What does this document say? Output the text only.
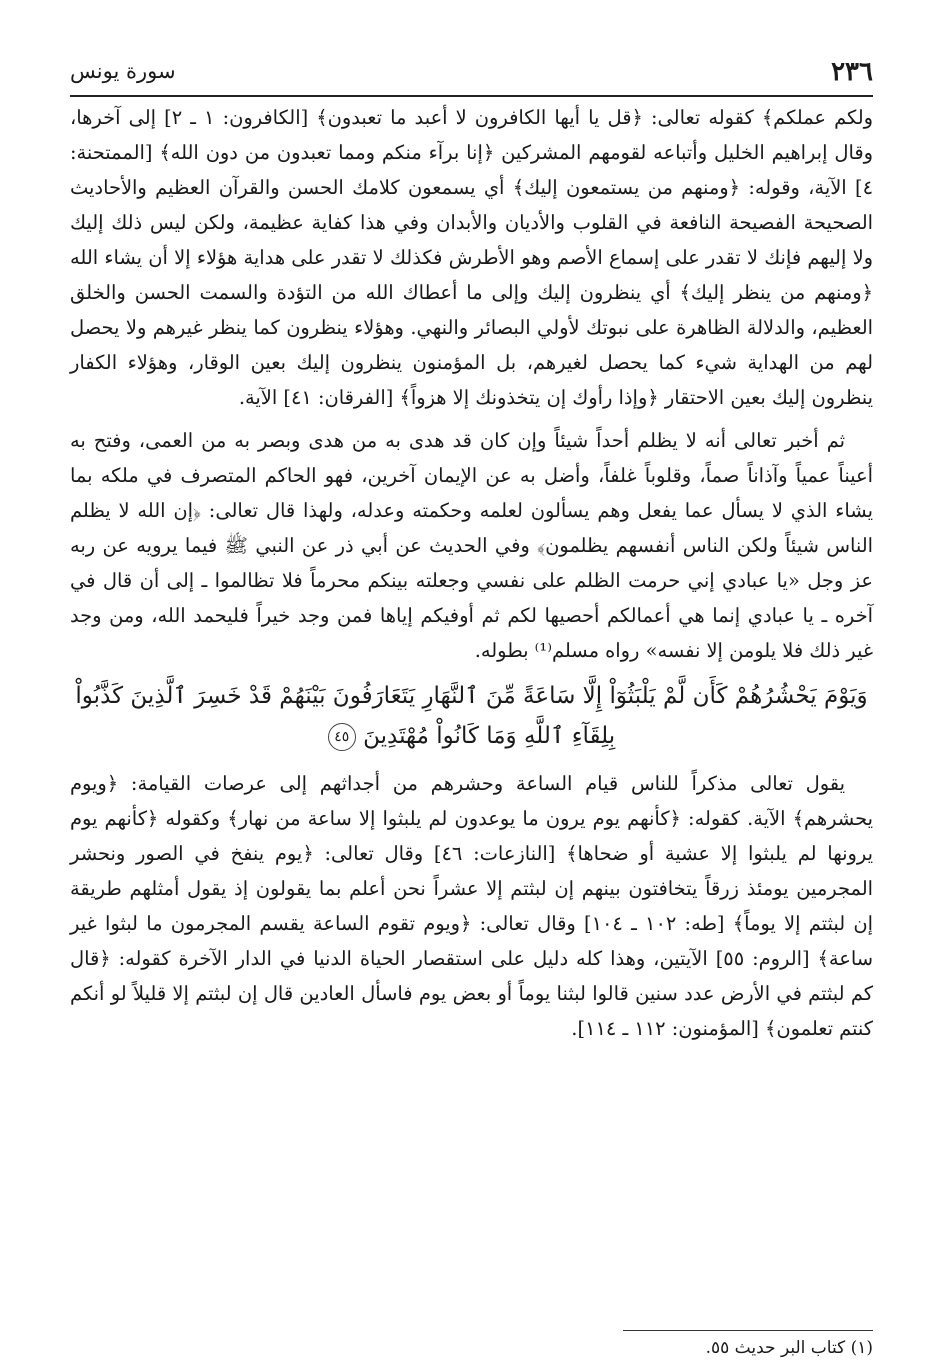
٢٣٦
سورة يونس

ولكم عملكم﴾ كقوله تعالى: ﴿قل يا أيها الكافرون لا أعبد ما تعبدون﴾ [الكافرون: ١ ـ ٢] إلى آخرها، وقال إبراهيم الخليل وأتباعه لقومهم المشركين ﴿إنا برآء منكم ومما تعبدون من دون الله﴾ [الممتحنة: ٤] الآية، وقوله: ﴿ومنهم من يستمعون إليك﴾ أي يسمعون كلامك الحسن والقرآن العظيم والأحاديث الصحيحة الفصيحة النافعة في القلوب والأديان والأبدان وفي هذا كفاية عظيمة، ولكن ليس ذلك إليك ولا إليهم فإنك لا تقدر على إسماع الأصم وهو الأطرش فكذلك لا تقدر على هداية هؤلاء إلا أن يشاء الله ﴿ومنهم من ينظر إليك﴾ أي ينظرون إليك وإلى ما أعطاك الله من التؤدة والسمت الحسن والخلق العظيم، والدلالة الظاهرة على نبوتك لأولي البصائر والنهي. وهؤلاء ينظرون كما ينظر غيرهم ولا يحصل لهم من الهداية شيء كما يحصل لغيرهم، بل المؤمنون ينظرون إليك بعين الوقار، وهؤلاء الكفار ينظرون إليك بعين الاحتقار ﴿وإذا رأوك إن يتخذونك إلا هزواً﴾ [الفرقان: ٤١] الآية.

ثم أخبر تعالى أنه لا يظلم أحداً شيئاً وإن كان قد هدى به من هدى وبصر به من العمى، وفتح به أعيناً عمياً وآذاناً صماً، وقلوباً غلفاً، وأضل به عن الإيمان آخرين، فهو الحاكم المتصرف في ملكه بما يشاء الذي لا يسأل عما يفعل وهم يسألون لعلمه وحكمته وعدله، ولهذا قال تعالى: ﴿إن الله لا يظلم الناس شيئاً ولكن الناس أنفسهم يظلمون﴾ وفي الحديث عن أبي ذر عن النبي ﷺ فيما يرويه عن ربه عز وجل «يا عبادي إني حرمت الظلم على نفسي وجعلته بينكم محرماً فلا تظالموا ـ إلى أن قال في آخره ـ يا عبادي إنما هي أعمالكم أحصيها لكم ثم أوفيكم إياها فمن وجد خيراً فليحمد الله، ومن وجد غير ذلك فلا يلومن إلا نفسه» رواه مسلم⁽¹⁾ بطوله.

وَيَوْمَ يَحْشُرُهُمْ كَأَن لَّمْ يَلْبَثُوٓاْ إِلَّا سَاعَةً مِّنَ ٱلنَّهَارِ يَتَعَارَفُونَ بَيْنَهُمْ قَدْ خَسِرَ ٱلَّذِينَ كَذَّبُواْ بِلِقَآءِ ٱللَّهِ وَمَا كَانُواْ مُهْتَدِينَ ٤٥

يقول تعالى مذكراً للناس قيام الساعة وحشرهم من أجداثهم إلى عرصات القيامة: ﴿ويوم يحشرهم﴾ الآية. كقوله: ﴿كأنهم يوم يرون ما يوعدون لم يلبثوا إلا ساعة من نهار﴾ وكقوله ﴿كأنهم يوم يرونها لم يلبثوا إلا عشية أو ضحاها﴾ [النازعات: ٤٦] وقال تعالى: ﴿يوم ينفخ في الصور ونحشر المجرمين يومئذ زرقاً يتخافتون بينهم إن لبثتم إلا عشراً نحن أعلم بما يقولون إذ يقول أمثلهم طريقة إن لبثتم إلا يوماً﴾ [طه: ١٠٢ ـ ١٠٤] وقال تعالى: ﴿ويوم تقوم الساعة يقسم المجرمون ما لبثوا غير ساعة﴾ [الروم: ٥٥] الآيتين، وهذا كله دليل على استقصار الحياة الدنيا في الدار الآخرة كقوله: ﴿قال كم لبثتم في الأرض عدد سنين قالوا لبثنا يوماً أو بعض يوم فاسأل العادين قال إن لبثتم إلا قليلاً لو أنكم كنتم تعلمون﴾ [المؤمنون: ١١٢ ـ ١١٤].

(١) كتاب البر حديث ٥٥.
